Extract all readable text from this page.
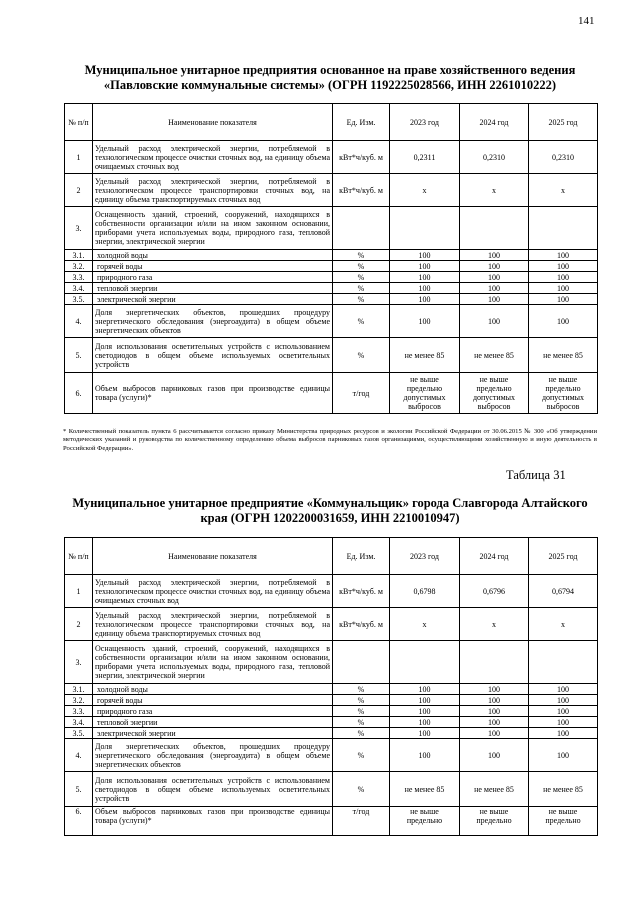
141
Муниципальное унитарное предприятия основанное на праве хозяйственного ведения
«Павловские коммунальные системы» (ОГРН 1192225028566, ИНН 2261010222)
№ п/п	Наименование показателя	Ед. Изм.	2023 год	2024 год	2025 год
1	Удельный расход электрической энергии, потребляемой в технологическом процессе очистки сточных вод, на единицу объема очищаемых сточных вод	кВт*ч/куб. м	0,2311	0,2310	0,2310
2	Удельный расход электрической энергии, потребляемой в технологическом процессе транспортировки сточных вод, на единицу объема транспортируемых сточных вод	кВт*ч/куб. м	х	х	х
3.	Оснащенность зданий, строений, сооружений, находящихся в собственности организации и/или на ином законном основании, приборами учета используемых воды, природного газа, тепловой энергии, электрической энергии				
3.1.	холодной воды	%	100	100	100
3.2.	горячей воды	%	100	100	100
3.3.	природного газа	%	100	100	100
3.4.	тепловой энергии	%	100	100	100
3.5.	электрической энергии	%	100	100	100
4.	Доля энергетических объектов, прошедших процедуру энергетического обследования (энергоаудита) в общем объеме энергетических объектов	%	100	100	100
5.	Доля использования осветительных устройств с использованием светодиодов в общем объеме используемых осветительных устройств	%	не менее 85	не менее 85	не менее 85
6.	Объем выбросов парниковых газов при производстве единицы товара (услуги)*	т/год	не выше предельно допустимых выбросов	не выше предельно допустимых выбросов	не выше предельно допустимых выбросов
* Количественный показатель пункта 6 рассчитывается согласно приказу Министерства природных ресурсов и экологии Российской Федерации от 30.06.2015 № 300 «Об утверждении методических указаний и руководства по количественному определению объема выбросов парниковых газов организациями, осуществляющими хозяйственную и иную деятельность в Российской Федерации».
Таблица 31
Муниципальное унитарное предприятие «Коммунальщик» города Славгорода Алтайского
края (ОГРН 1202200031659, ИНН 2210010947)
№ п/п	Наименование показателя	Ед. Изм.	2023 год	2024 год	2025 год
1	Удельный расход электрической энергии, потребляемой в технологическом процессе очистки сточных вод, на единицу объема очищаемых сточных вод	кВт*ч/куб. м	0,6798	0,6796	0,6794
2	Удельный расход электрической энергии, потребляемой в технологическом процессе транспортировки сточных вод, на единицу объема транспортируемых сточных вод	кВт*ч/куб. м	х	х	х
3.	Оснащенность зданий, строений, сооружений, находящихся в собственности организации и/или на ином законном основании, приборами учета используемых воды, природного газа, тепловой энергии, электрической энергии				
3.1.	холодной воды	%	100	100	100
3.2.	горячей воды	%	100	100	100
3.3.	природного газа	%	100	100	100
3.4.	тепловой энергии	%	100	100	100
3.5.	электрической энергии	%	100	100	100
4.	Доля энергетических объектов, прошедших процедуру энергетического обследования (энергоаудита) в общем объеме энергетических объектов	%	100	100	100
5.	Доля использования осветительных устройств с использованием светодиодов в общем объеме используемых осветительных устройств	%	не менее 85	не менее 85	не менее 85
6.	Объем выбросов парниковых газов при производстве единицы товара (услуги)*	т/год	не выше предельно	не выше предельно	не выше предельно
